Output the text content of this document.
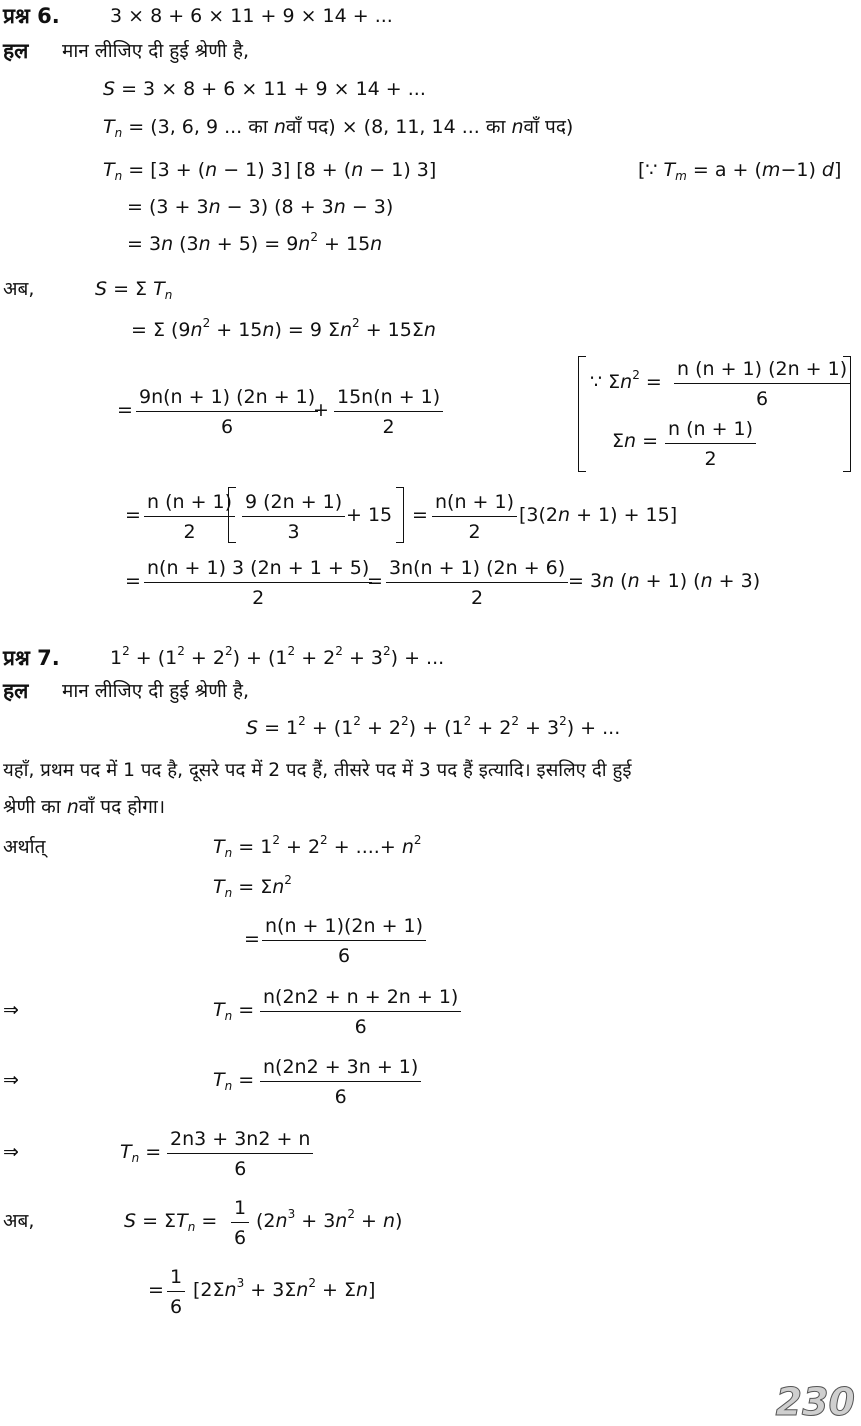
प्रश्न 6.	3 × 8 + 6 × 11 + 9 × 14 + ...
हल मान लीजिए दी हुई श्रेणी है,
S = 3 × 8 + 6 × 11 + 9 × 14 + ...
$T_n = (3$, 6, 9 ... का nवाँ पद) × (8, 11, 14 ... का nवाँ पद)
$T_n = [3 + (n - 1)$ 3] [8 + (n − 1) 3]	[∵ $T_m = a + (m-1)$ d]
= (3 + 3n − 3) (8 + 3n − 3)
= 3n $(3n + 5) = 9n^2 + 15n$
अब,	S = Σ $T_n$
= Σ $(9n^2 + 15n) = 9$ $\Sigma n^2 + 15\Sigma n$
= $\frac{9n(n + 1) (2n + 1)}{6}$
+ $\frac{15n(n + 1)}{2}$
∵ $\Sigma n^2 = \frac{n (n + 1) (2n + 1)}{6}$
$\Sigma n = \frac{n (n + 1)}{2}$
= $\frac{n (n + 1)}{2} \frac{9 (2n + 1)}{3} + 15 = \frac{n(n + 1)}{2} [3(2n + 1) + 15]$
= $\frac{n(n + 1) 3 (2n + 1 + 5)}{2}$
= $\frac{3n(n + 1) (2n + 6)}{2} = 3n$ (n + 1) (n + 3)
प्रश्न 7.	$1^2 + (1^2 + 2^2) + (1^2 + 2^2 + 3^2)$ + ...
हल मान लीजिए दी हुई श्रेणी है,
$S = 1^2 + (1^2 + 2^2) + (1^2 + 2^2 + 3^2)$ + ...
यहाँ, प्रथम पद में 1 पद है, दूसरे पद में 2 पद हैं, तीसरे पद में 3 पद हैं इत्यादि। इसलिए दी हुई
श्रेणी का nवाँ पद होगा।
अर्थात्	$T_n = 1^2 + 2^2$ + ....+ $n^2$
$T_n = \Sigma n^2$
= $\frac{n(n + 1)(2n + 1)}{6}$
⇒	$T_n = \frac{n(2n2 + n + 2n + 1)}{6}$
⇒	$T_n = \frac{n(2n2 + 3n + 1)}{6}$
⇒	$T_n = \frac{2n3 + 3n2 + n}{6}$
अब,	$S = \Sigma T_n = \frac{1}{6} (2n^3 + 3n^2 + n)$
= $\frac{1}{6} [2\Sigma n^3 + 3\Sigma n^2 + \Sigma n]$
230
